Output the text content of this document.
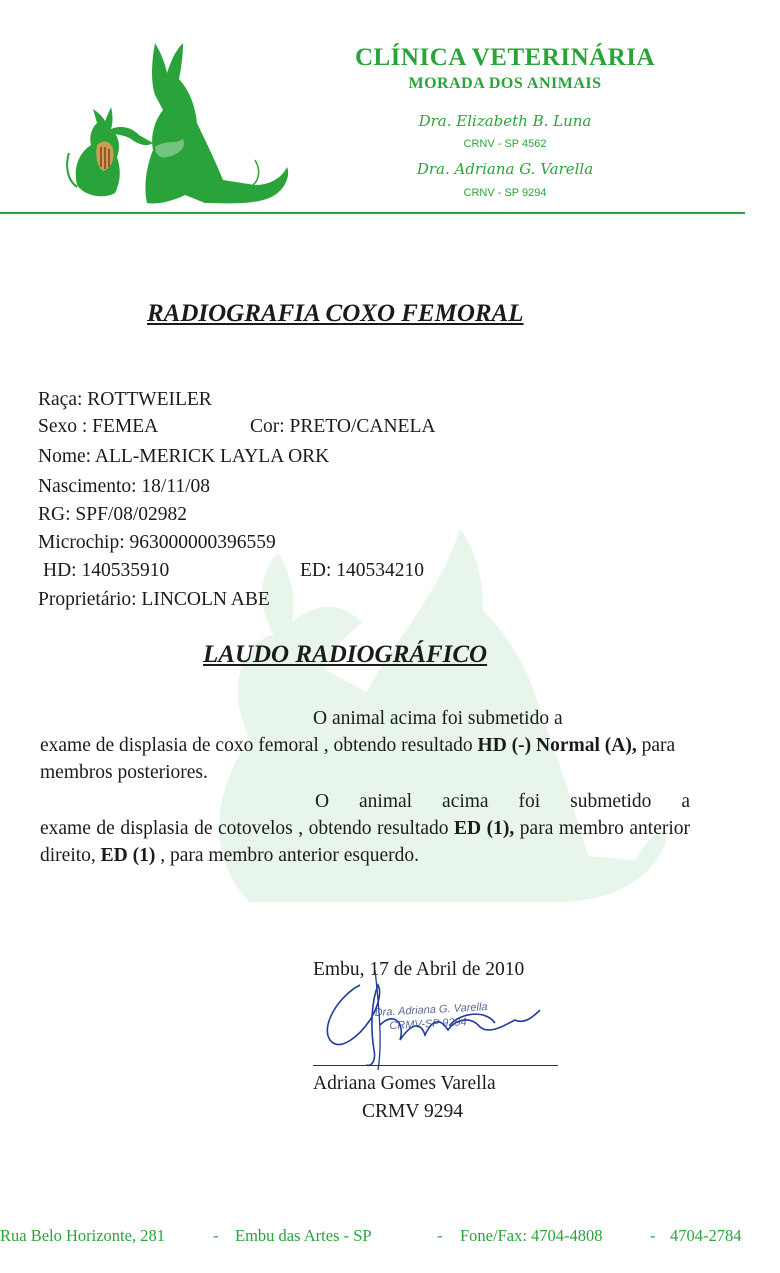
CLÍNICA VETERINÁRIA
MORADA DOS ANIMAIS
Dra. Elizabeth B. Luna
CRNV - SP 4562
Dra. Adriana G. Varella
CRNV - SP 9294
RADIOGRAFIA COXO FEMORAL
Raça: ROTTWEILER
Sexo : FEMEA	Cor: PRETO/CANELA
Nome: ALL-MERICK LAYLA ORK
Nascimento: 18/11/08
RG: SPF/08/02982
Microchip: 963000000396559
HD: 140535910	ED: 140534210
Proprietário: LINCOLN ABE
LAUDO RADIOGRÁFICO
O animal acima foi submetido a
exame de displasia de coxo femoral , obtendo resultado HD (-) Normal (A), para membros posteriores.
O animal acima foi submetido a
exame de displasia de cotovelos , obtendo resultado ED (1), para membro anterior direito, ED (1) , para membro anterior esquerdo.
Embu, 17 de Abril de 2010
Dra. Adriana G. Varella
CRMV-SP 9294
Adriana Gomes Varella
CRMV 9294
Rua Belo Horizonte, 281	- Embu das Artes - SP	- Fone/Fax: 4704-4808	- 4704-2784
